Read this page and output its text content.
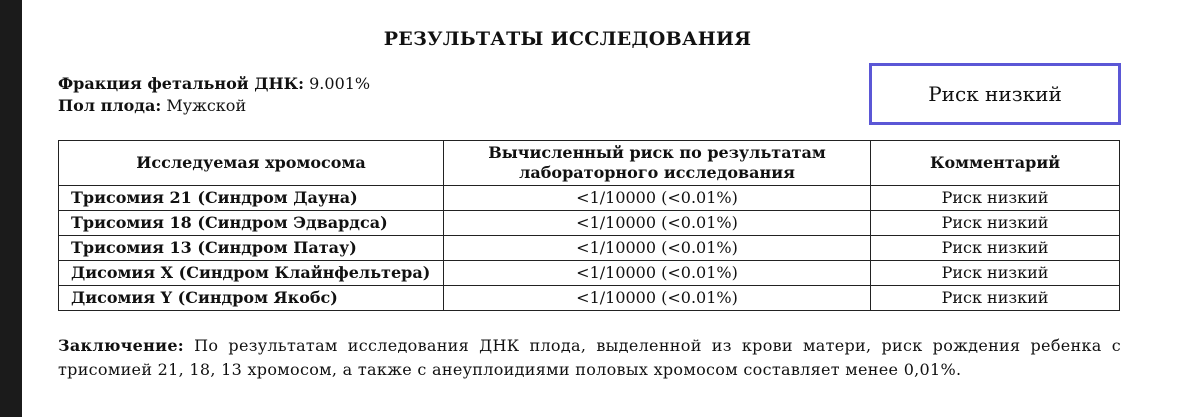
РЕЗУЛЬТАТЫ ИССЛЕДОВАНИЯ
Фракция фетальной ДНК: 9.001%
Пол плода: Мужской	Риск низкий
Исследуемая хромосома	Вычисленный риск по результатам лабораторного исследования	Комментарий
Трисомия 21 (Синдром Дауна)	<1/10000 (<0.01%)	Риск низкий
Трисомия 18 (Синдром Эдвардса)	<1/10000 (<0.01%)	Риск низкий
Трисомия 13 (Синдром Патау)	<1/10000 (<0.01%)	Риск низкий
Дисомия X (Синдром Клайнфельтера)	<1/10000 (<0.01%)	Риск низкий
Дисомия Y (Синдром Якобс)	<1/10000 (<0.01%)	Риск низкий
Заключение: По результатам исследования ДНК плода, выделенной из крови матери, риск рождения ребенка с трисомией 21, 18, 13 хромосом, а также с анеуплоидиями половых хромосом составляет менее 0,01%.
